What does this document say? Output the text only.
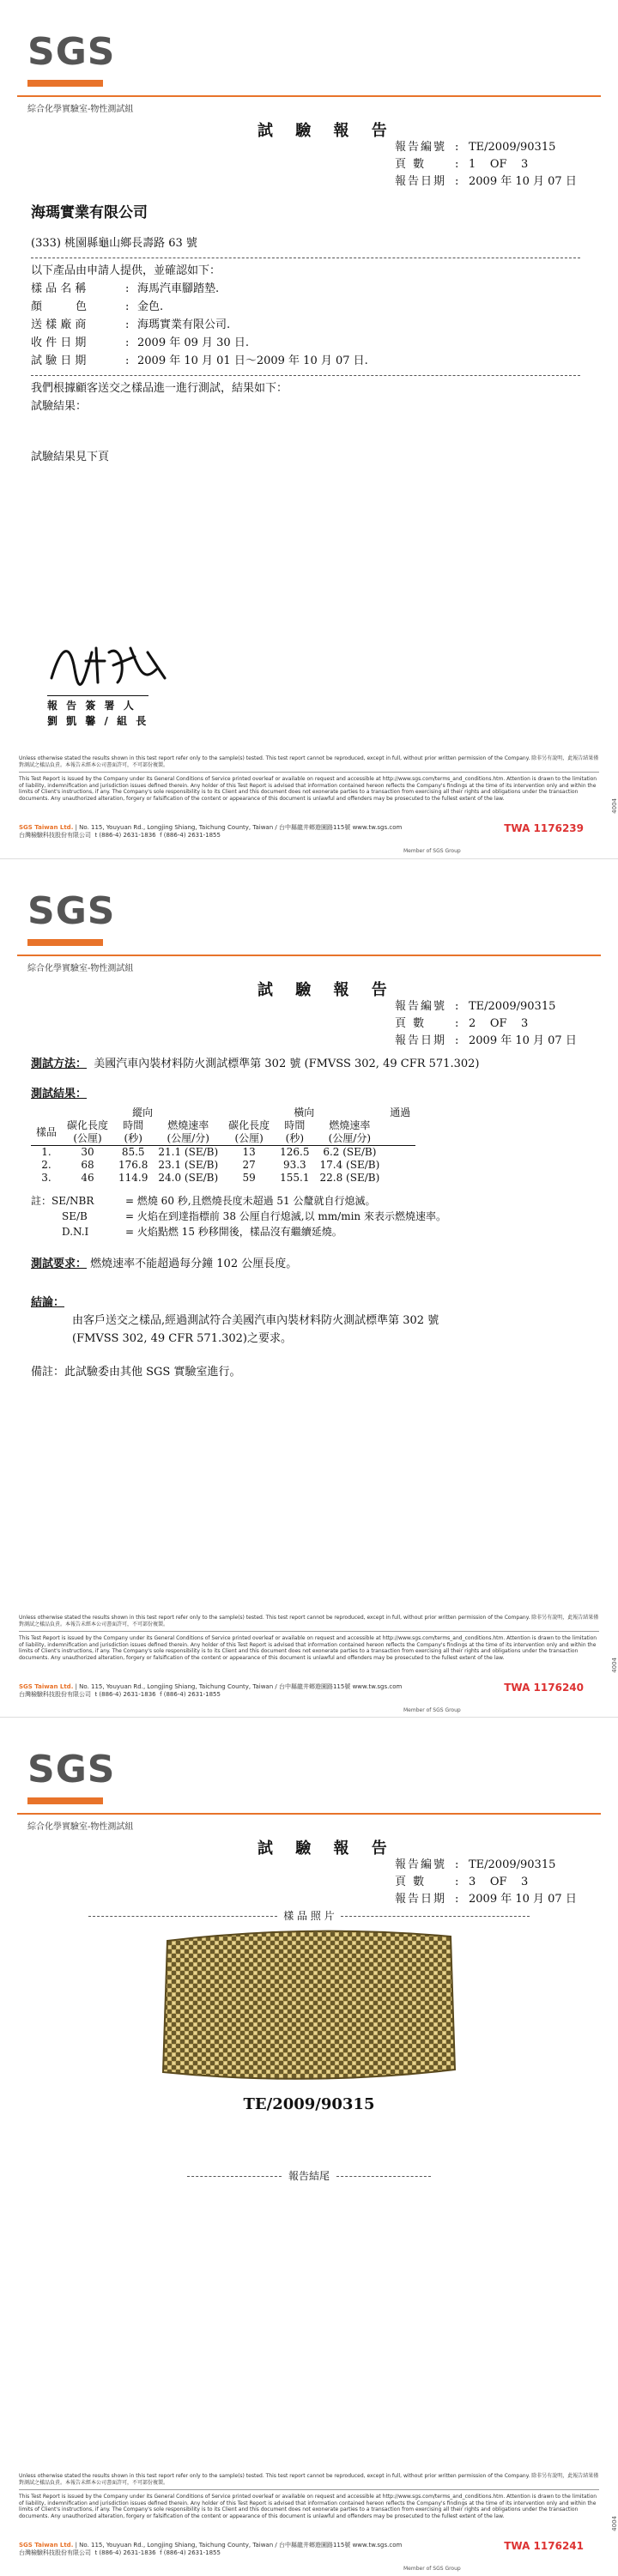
SGS
綜合化學實驗室-物性測試組
試 驗 報 告
報告編號 : TE/2009/90315
頁 數	: 1 OF 3
報告日期 : 2009 年 10 月 07 日
海瑪實業有限公司
(333) 桃園縣龜山鄉長壽路 63 號
以下產品由申請人提供，並確認如下：
樣 品 名 稱	: 海馬汽車腳踏墊.
顏　　　色	: 金色.
送 樣 廠 商	: 海瑪實業有限公司.
收 件 日 期	: 2009 年 09 月 30 日.
試 驗 日 期	: 2009 年 10 月 01 日～2009 年 10 月 07 日.
我們根據顧客送交之樣品進一進行測試，結果如下：
試驗結果：
試驗結果見下頁
報 告 簽 署 人
劉 凱 馨 / 組 長
Unless otherwise stated the results shown in this test report refer only to the sample(s) tested. This test report cannot be reproduced, except in full, without prior written permission of the Company. 除非另有說明，此報告結果僅對測試之樣品負責。本報告未經本公司書面許可，不可部份複製。
This Test Report is issued by the Company under its General Conditions of Service printed overleaf or available on request and accessible at http://www.sgs.com/terms_and_conditions.htm. Attention is drawn to the limitation of liability, indemnification and jurisdiction issues defined therein. Any holder of this Test Report is advised that information contained hereon reflects the Company's findings at the time of its intervention only and within the limits of Client's instructions, if any. The Company's sole responsibility is to its Client and this document does not exonerate parties to a transaction from exercising all their rights and obligations under the transaction documents. Any unauthorized alteration, forgery or falsification of the content or appearance of this document is unlawful and offenders may be prosecuted to the fullest extent of the law.
SGS Taiwan Ltd. | No. 115, Youyuan Rd., Longjing Shiang, Taichung County, Taiwan / 台中縣龍井鄉遊園路115號 www.tw.sgs.com
台灣檢驗科技股份有限公司 t (886-4) 2631-1836 f (886-4) 2631-1855
TWA 1176239
4004
Member of SGS Group
SGS
綜合化學實驗室-物性測試組
試 驗 報 告
報告編號 : TE/2009/90315
頁 數	: 2 OF 3
報告日期 : 2009 年 10 月 07 日
測試方法： 美國汽車內裝材料防火測試標準第 302 號 (FMVSS 302, 49 CFR 571.302)
測試結果：
	縱向			橫向			通過
樣品	碳化長度	時間	燃燒速率	碳化長度	時間	燃燒速率	
	(公厘)	(秒)	(公厘/分)	(公厘)	(秒)	(公厘/分)	
1.	30	85.5	21.1 (SE/B)	13	126.5	6.2 (SE/B)	
2.	68	176.8	23.1 (SE/B)	27	93.3	17.4 (SE/B)	
3.	46	114.9	24.0 (SE/B)	59	155.1	22.8 (SE/B)	
註：SE/NBR	= 燃燒 60 秒,且燃燒長度未超過 51 公釐就自行熄滅。
SE/B	= 火焰在到達指標前 38 公厘自行熄滅,以 mm/min 來表示燃燒速率。
D.N.I	= 火焰點燃 15 秒移開後，樣品沒有繼續延燒。
測試要求： 燃燒速率不能超過每分鐘 102 公厘長度。
結論：
由客戶送交之樣品,經過測試符合美國汽車內裝材料防火測試標準第 302 號
(FMVSS 302, 49 CFR 571.302)之要求。
備註：此試驗委由其他 SGS 實驗室進行。
Unless otherwise stated the results shown in this test report refer only to the sample(s) tested. This test report cannot be reproduced, except in full, without prior written permission of the Company. 除非另有說明，此報告結果僅對測試之樣品負責。本報告未經本公司書面許可，不可部份複製。
This Test Report is issued by the Company under its General Conditions of Service printed overleaf or available on request and accessible at http://www.sgs.com/terms_and_conditions.htm. Attention is drawn to the limitation of liability, indemnification and jurisdiction issues defined therein. Any holder of this Test Report is advised that information contained hereon reflects the Company's findings at the time of its intervention only and within the limits of Client's instructions, if any. The Company's sole responsibility is to its Client and this document does not exonerate parties to a transaction from exercising all their rights and obligations under the transaction documents. Any unauthorized alteration, forgery or falsification of the content or appearance of this document is unlawful and offenders may be prosecuted to the fullest extent of the law.
SGS Taiwan Ltd. | No. 115, Youyuan Rd., Longjing Shiang, Taichung County, Taiwan / 台中縣龍井鄉遊園路115號 www.tw.sgs.com
台灣檢驗科技股份有限公司 t (886-4) 2631-1836 f (886-4) 2631-1855
TWA 1176240
4004
Member of SGS Group
SGS
綜合化學實驗室-物性測試組
試 驗 報 告
報告編號 : TE/2009/90315
頁 數	: 3 OF 3
報告日期 : 2009 年 10 月 07 日
樣 品 照 片
TE/2009/90315
報告結尾
Unless otherwise stated the results shown in this test report refer only to the sample(s) tested. This test report cannot be reproduced, except in full, without prior written permission of the Company. 除非另有說明，此報告結果僅對測試之樣品負責。本報告未經本公司書面許可，不可部份複製。
This Test Report is issued by the Company under its General Conditions of Service printed overleaf or available on request and accessible at http://www.sgs.com/terms_and_conditions.htm. Attention is drawn to the limitation of liability, indemnification and jurisdiction issues defined therein. Any holder of this Test Report is advised that information contained hereon reflects the Company's findings at the time of its intervention only and within the limits of Client's instructions, if any. The Company's sole responsibility is to its Client and this document does not exonerate parties to a transaction from exercising all their rights and obligations under the transaction documents. Any unauthorized alteration, forgery or falsification of the content or appearance of this document is unlawful and offenders may be prosecuted to the fullest extent of the law.
SGS Taiwan Ltd. | No. 115, Youyuan Rd., Longjing Shiang, Taichung County, Taiwan / 台中縣龍井鄉遊園路115號 www.tw.sgs.com
台灣檢驗科技股份有限公司 t (886-4) 2631-1836 f (886-4) 2631-1855
TWA 1176241
4004
Member of SGS Group
